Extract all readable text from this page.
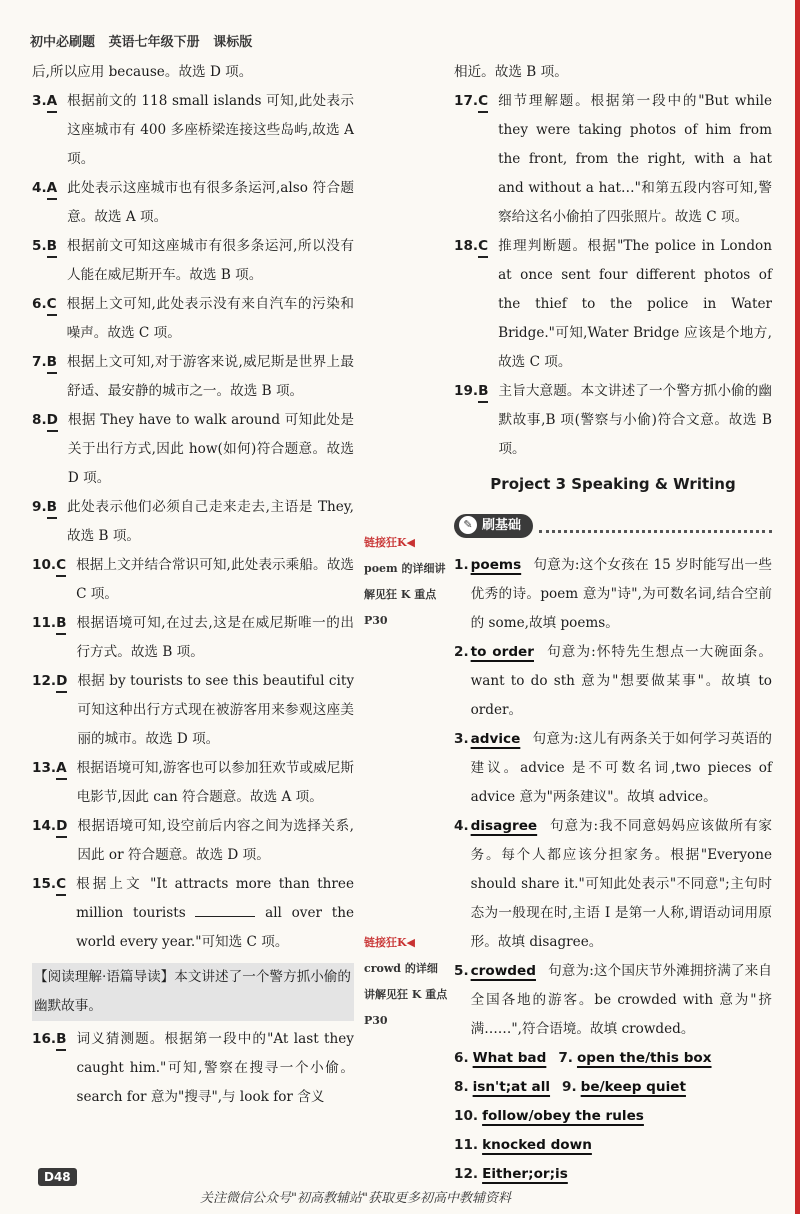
初中必刷题 英语七年级下册 课标版
后,所以应用 because。故选 D 项。
3.A 根据前文的 118 small islands 可知,此处表示这座城市有 400 多座桥梁连接这些岛屿,故选 A 项。
4.A 此处表示这座城市也有很多条运河,also 符合题意。故选 A 项。
5.B 根据前文可知这座城市有很多条运河,所以没有人能在威尼斯开车。故选 B 项。
6.C 根据上文可知,此处表示没有来自汽车的污染和噪声。故选 C 项。
7.B 根据上文可知,对于游客来说,威尼斯是世界上最舒适、最安静的城市之一。故选 B 项。
8.D 根据 They have to walk around 可知此处是关于出行方式,因此 how(如何)符合题意。故选 D 项。
9.B 此处表示他们必须自己走来走去,主语是 They,故选 B 项。
10.C 根据上文并结合常识可知,此处表示乘船。故选 C 项。
11.B 根据语境可知,在过去,这是在威尼斯唯一的出行方式。故选 B 项。
12.D 根据 by tourists to see this beautiful city 可知这种出行方式现在被游客用来参观这座美丽的城市。故选 D 项。
13.A 根据语境可知,游客也可以参加狂欢节或威尼斯电影节,因此 can 符合题意。故选 A 项。
14.D 根据语境可知,设空前后内容之间为选择关系,因此 or 符合题意。故选 D 项。
15.C 根据上文 "It attracts more than three million tourists	all over the world every year."可知选 C 项。
【阅读理解·语篇导读】本文讲述了一个警方抓小偷的幽默故事。
16.B 词义猜测题。根据第一段中的"At last they caught him."可知,警察在搜寻一个小偷。search for 意为"搜寻",与 look for 含义
链接狂K◀
poem 的详细讲解见狂 K 重点 P30
链接狂K◀
crowd 的详细讲解见狂 K 重点 P30
相近。故选 B 项。
17.C 细节理解题。根据第一段中的"But while they were taking photos of him from the front, from the right, with a hat and without a hat…"和第五段内容可知,警察给这名小偷拍了四张照片。故选 C 项。
18.C 推理判断题。根据"The police in London at once sent four different photos of the thief to the police in Water Bridge."可知,Water Bridge 应该是个地方,故选 C 项。
19.B 主旨大意题。本文讲述了一个警方抓小偷的幽默故事,B 项(警察与小偷)符合文意。故选 B 项。
Project 3 Speaking & Writing
✎ 刷基础
1. poems 句意为:这个女孩在 15 岁时能写出一些优秀的诗。poem 意为"诗",为可数名词,结合空前的 some,故填 poems。
2. to order 句意为:怀特先生想点一大碗面条。want to do sth 意为"想要做某事"。故填 to order。
3. advice 句意为:这儿有两条关于如何学习英语的建议。advice 是不可数名词,two pieces of advice 意为"两条建议"。故填 advice。
4. disagree 句意为:我不同意妈妈应该做所有家务。每个人都应该分担家务。根据"Everyone should share it."可知此处表示"不同意";主句时态为一般现在时,主语 I 是第一人称,谓语动词用原形。故填 disagree。
5. crowded 句意为:这个国庆节外滩拥挤满了来自全国各地的游客。be crowded with 意为"挤满……",符合语境。故填 crowded。
6. What bad 7. open the/this box
8. isn't;at all 9. be/keep quiet
10. follow/obey the rules
11. knocked down
12. Either;or;is
D48
关注微信公众号"初高教辅站"获取更多初高中教辅资料
